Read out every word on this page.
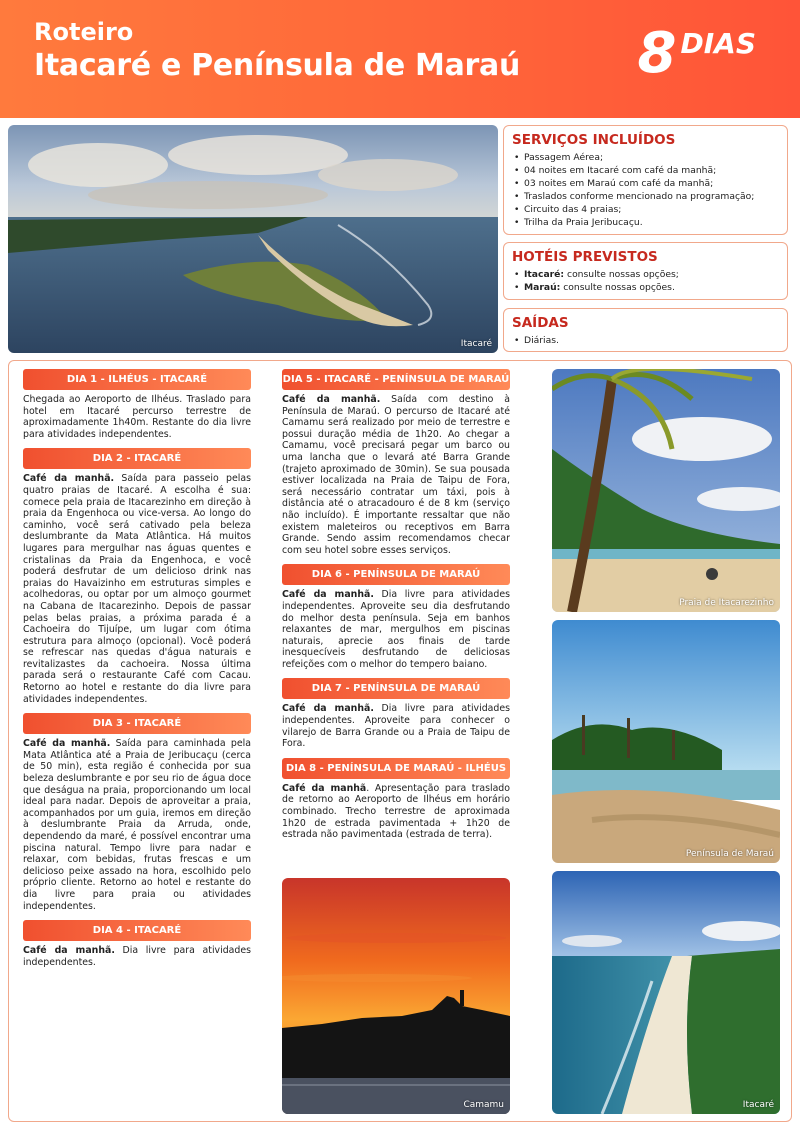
Roteiro
Itacaré e Península de Maraú 8 DIAS
Itacaré
SERVIÇOS INCLUÍDOS
• Passagem Aérea;
• 04 noites em Itacaré com café da manhã;
• 03 noites em Maraú com café da manhã;
• Traslados conforme mencionado na programação;
• Circuito das 4 praias;
• Trilha da Praia Jeribucaçu.
HOTÉIS PREVISTOS
• Itacaré: consulte nossas opções;
• Maraú: consulte nossas opções.
SAÍDAS
• Diárias.
DIA 1 - ILHÉUS - ITACARÉ
Chegada ao Aeroporto de Ilhéus. Traslado para hotel em Itacaré percurso terrestre de aproximadamente 1h40m. Restante do dia livre para atividades independentes.
DIA 2 - ITACARÉ
Café da manhã. Saída para passeio pelas quatro praias de Itacaré. A escolha é sua: comece pela praia de Itacarezinho em direção à praia da Engenhoca ou vice-versa. Ao longo do caminho, você será cativado pela beleza deslumbrante da Mata Atlântica. Há muitos lugares para mergulhar nas águas quentes e cristalinas da Praia da Engenhoca, e você poderá desfrutar de um delicioso drink nas praias do Havaizinho em estruturas simples e acolhedoras, ou optar por um almoço gourmet na Cabana de Itacarezinho. Depois de passar pelas belas praias, a próxima parada é a Cachoeira do Tijuípe, um lugar com ótima estrutura para almoço (opcional). Você poderá se refrescar nas quedas d'água naturais e revitalizastes da cachoeira. Nossa última parada será o restaurante Café com Cacau. Retorno ao hotel e restante do dia livre para atividades independentes.
DIA 3 - ITACARÉ
Café da manhã. Saída para caminhada pela Mata Atlântica até a Praia de Jeribucaçu (cerca de 50 min), esta região é conhecida por sua beleza deslumbrante e por seu rio de água doce que deságua na praia, proporcionando um local ideal para nadar. Depois de aproveitar a praia, acompanhados por um guia, iremos em direção à deslumbrante Praia da Arruda, onde, dependendo da maré, é possível encontrar uma piscina natural. Tempo livre para nadar e relaxar, com bebidas, frutas frescas e um delicioso peixe assado na hora, escolhido pelo próprio cliente. Retorno ao hotel e restante do dia livre para praia ou atividades independentes.
DIA 4 - ITACARÉ
Café da manhã. Dia livre para atividades independentes.
DIA 5 - ITACARÉ - PENÍNSULA DE MARAÚ
Café da manhã. Saída com destino à Península de Maraú. O percurso de Itacaré até Camamu será realizado por meio de terrestre e possui duração média de 1h20. Ao chegar a Camamu, você precisará pegar um barco ou uma lancha que o levará até Barra Grande (trajeto aproximado de 30min). Se sua pousada estiver localizada na Praia de Taipu de Fora, será necessário contratar um táxi, pois à distância até o atracadouro é de 8 km (serviço não incluído). É importante ressaltar que não existem maleteiros ou receptivos em Barra Grande. Sendo assim recomendamos checar com seu hotel sobre esses serviços.
DIA 6 - PENÍNSULA DE MARAÚ
Café da manhã. Dia livre para atividades independentes. Aproveite seu dia desfrutando do melhor desta península. Seja em banhos relaxantes de mar, mergulhos em piscinas naturais, aprecie aos finais de tarde inesquecíveis desfrutando de deliciosas refeições com o melhor do tempero baiano.
DIA 7 - PENÍNSULA DE MARAÚ
Café da manhã. Dia livre para atividades independentes. Aproveite para conhecer o vilarejo de Barra Grande ou a Praia de Taipu de Fora.
DIA 8 - PENÍNSULA DE MARAÚ - ILHÉUS
Café da manhã. Apresentação para traslado de retorno ao Aeroporto de Ilhéus em horário combinado. Trecho terrestre de aproximada 1h20 de estrada pavimentada + 1h20 de estrada não pavimentada (estrada de terra).
Camamu
Praia de Itacarezinho
Península de Maraú
Itacaré
